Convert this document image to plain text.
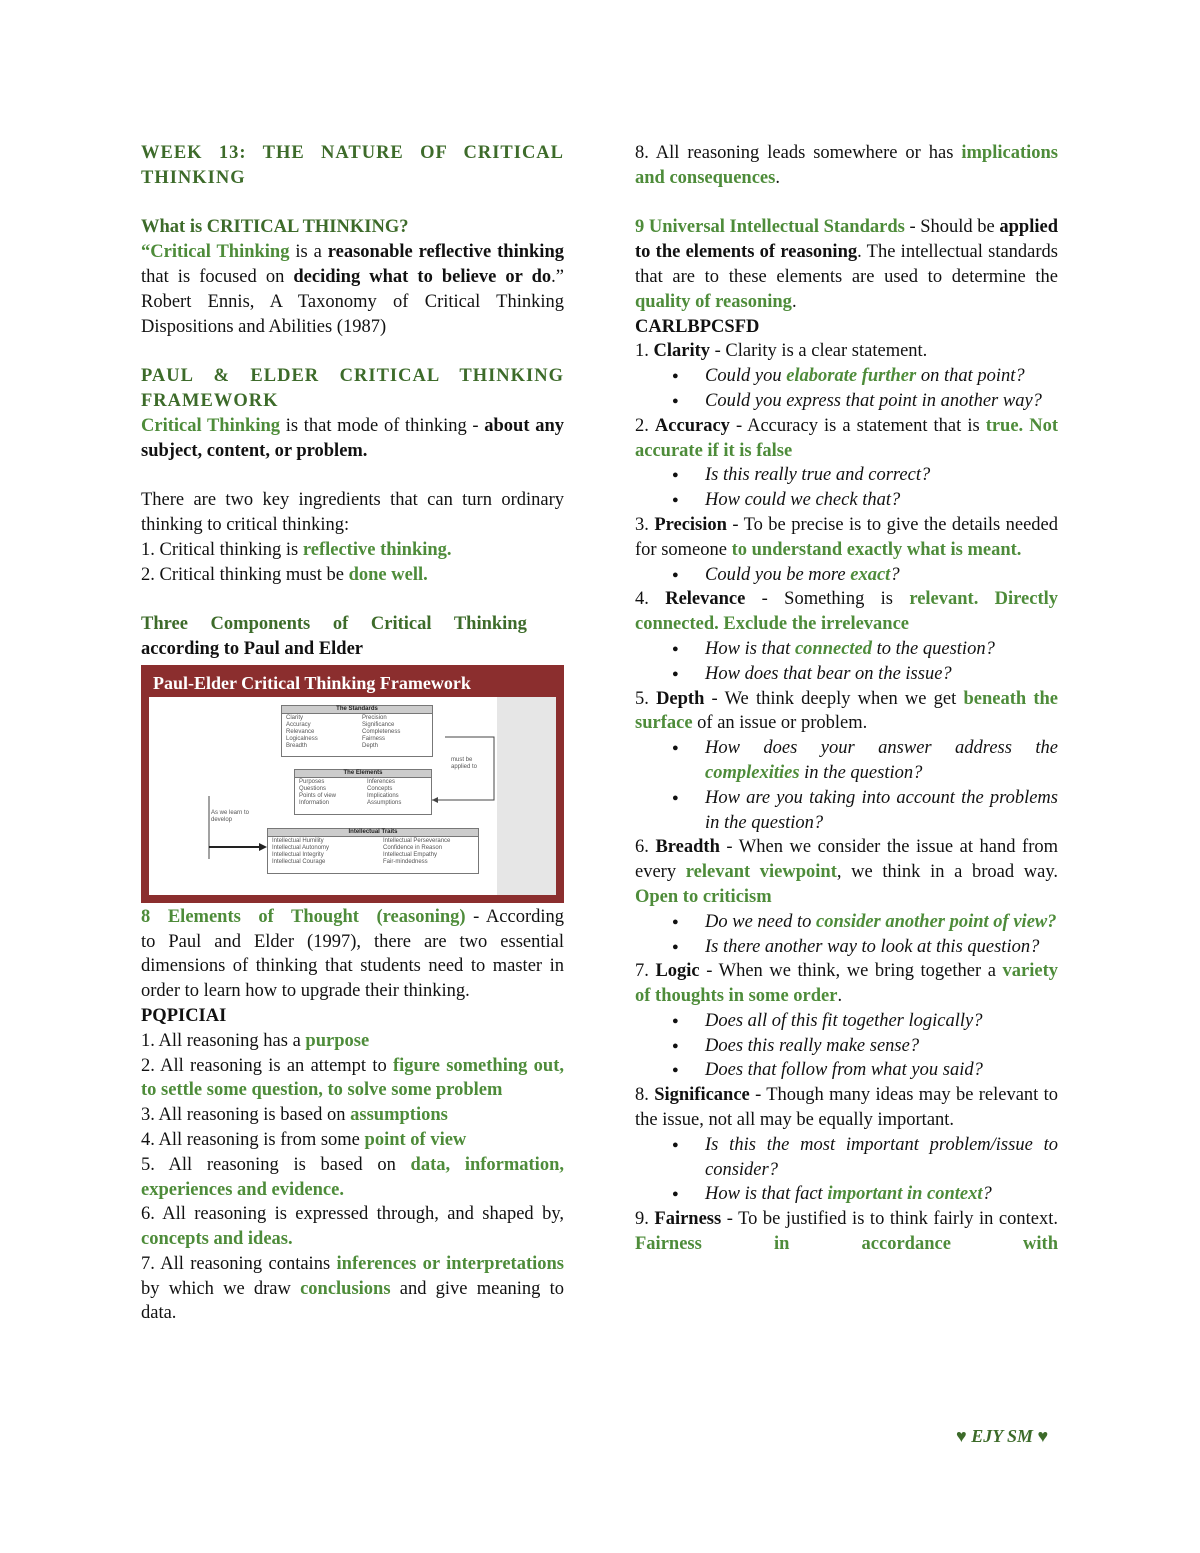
WEEK 13: THE NATURE OF CRITICAL THINKING

What is CRITICAL THINKING?

“Critical Thinking is a reasonable reflective thinking that is focused on deciding what to believe or do.” Robert Ennis, A Taxonomy of Critical Thinking Dispositions and Abilities (1987)

PAUL & ELDER CRITICAL THINKING FRAMEWORK

Critical Thinking is that mode of thinking - about any subject, content, or problem.

There are two key ingredients that can turn ordinary thinking to critical thinking:

1. Critical thinking is reflective thinking.

2. Critical thinking must be done well.

Three Components of Critical Thinking

according to Paul and Elder

Paul-Elder Critical Thinking Framework
The Standards
Clarity
Accuracy
Relevance
Logicalness
Breadth
Precision
Significance
Completeness
Fairness
Depth
The Elements
Purposes
Questions
Points of view
Information
Inferences
Concepts
Implications
Assumptions
Intellectual Traits
Intellectual Humility
Intellectual Autonomy
Intellectual Integrity
Intellectual Courage
Intellectual Perseverance
Confidence in Reason
Intellectual Empathy
Fair-mindedness
must be applied to
As we learn to develop

8 Elements of Thought (reasoning) - According to Paul and Elder (1997), there are two essential dimensions of thinking that students need to master in order to learn how to upgrade their thinking.

PQPICIAI

1. All reasoning has a purpose

2. All reasoning is an attempt to figure something out, to settle some question, to solve some problem

3. All reasoning is based on assumptions

4. All reasoning is from some point of view

5. All reasoning is based on data, information, experiences and evidence.

6. All reasoning is expressed through, and shaped by, concepts and ideas.

7. All reasoning contains inferences or interpretations by which we draw conclusions and give meaning to data.

8. All reasoning leads somewhere or has implications and consequences.

9 Universal Intellectual Standards - Should be applied to the elements of reasoning. The intellectual standards that are to these elements are used to determine the quality of reasoning.

CARLBPCSFD

1. Clarity - Clarity is a clear statement.

● Could you elaborate further on that point?
● Could you express that point in another way?

2. Accuracy - Accuracy is a statement that is true. Not accurate if it is false

● Is this really true and correct?
● How could we check that?

3. Precision - To be precise is to give the details needed for someone to understand exactly what is meant.

● Could you be more exact?

4. Relevance - Something is relevant. Directly connected. Exclude the irrelevance

● How is that connected to the question?
● How does that bear on the issue?

5. Depth - We think deeply when we get beneath the surface of an issue or problem.

● How does your answer address the complexities in the question?
● How are you taking into account the problems in the question?

6. Breadth - When we consider the issue at hand from every relevant viewpoint, we think in a broad way. Open to criticism

● Do we need to consider another point of view?
● Is there another way to look at this question?

7. Logic - When we think, we bring together a variety of thoughts in some order.

● Does all of this fit together logically?
● Does this really make sense?
● Does that follow from what you said?

8. Significance - Though many ideas may be relevant to the issue, not all may be equally important.

● Is this the most important problem/issue to consider?
● How is that fact important in context?

9. Fairness - To be justified is to think fairly in context. Fairness in accordance with

♥ EJY SM ♥
